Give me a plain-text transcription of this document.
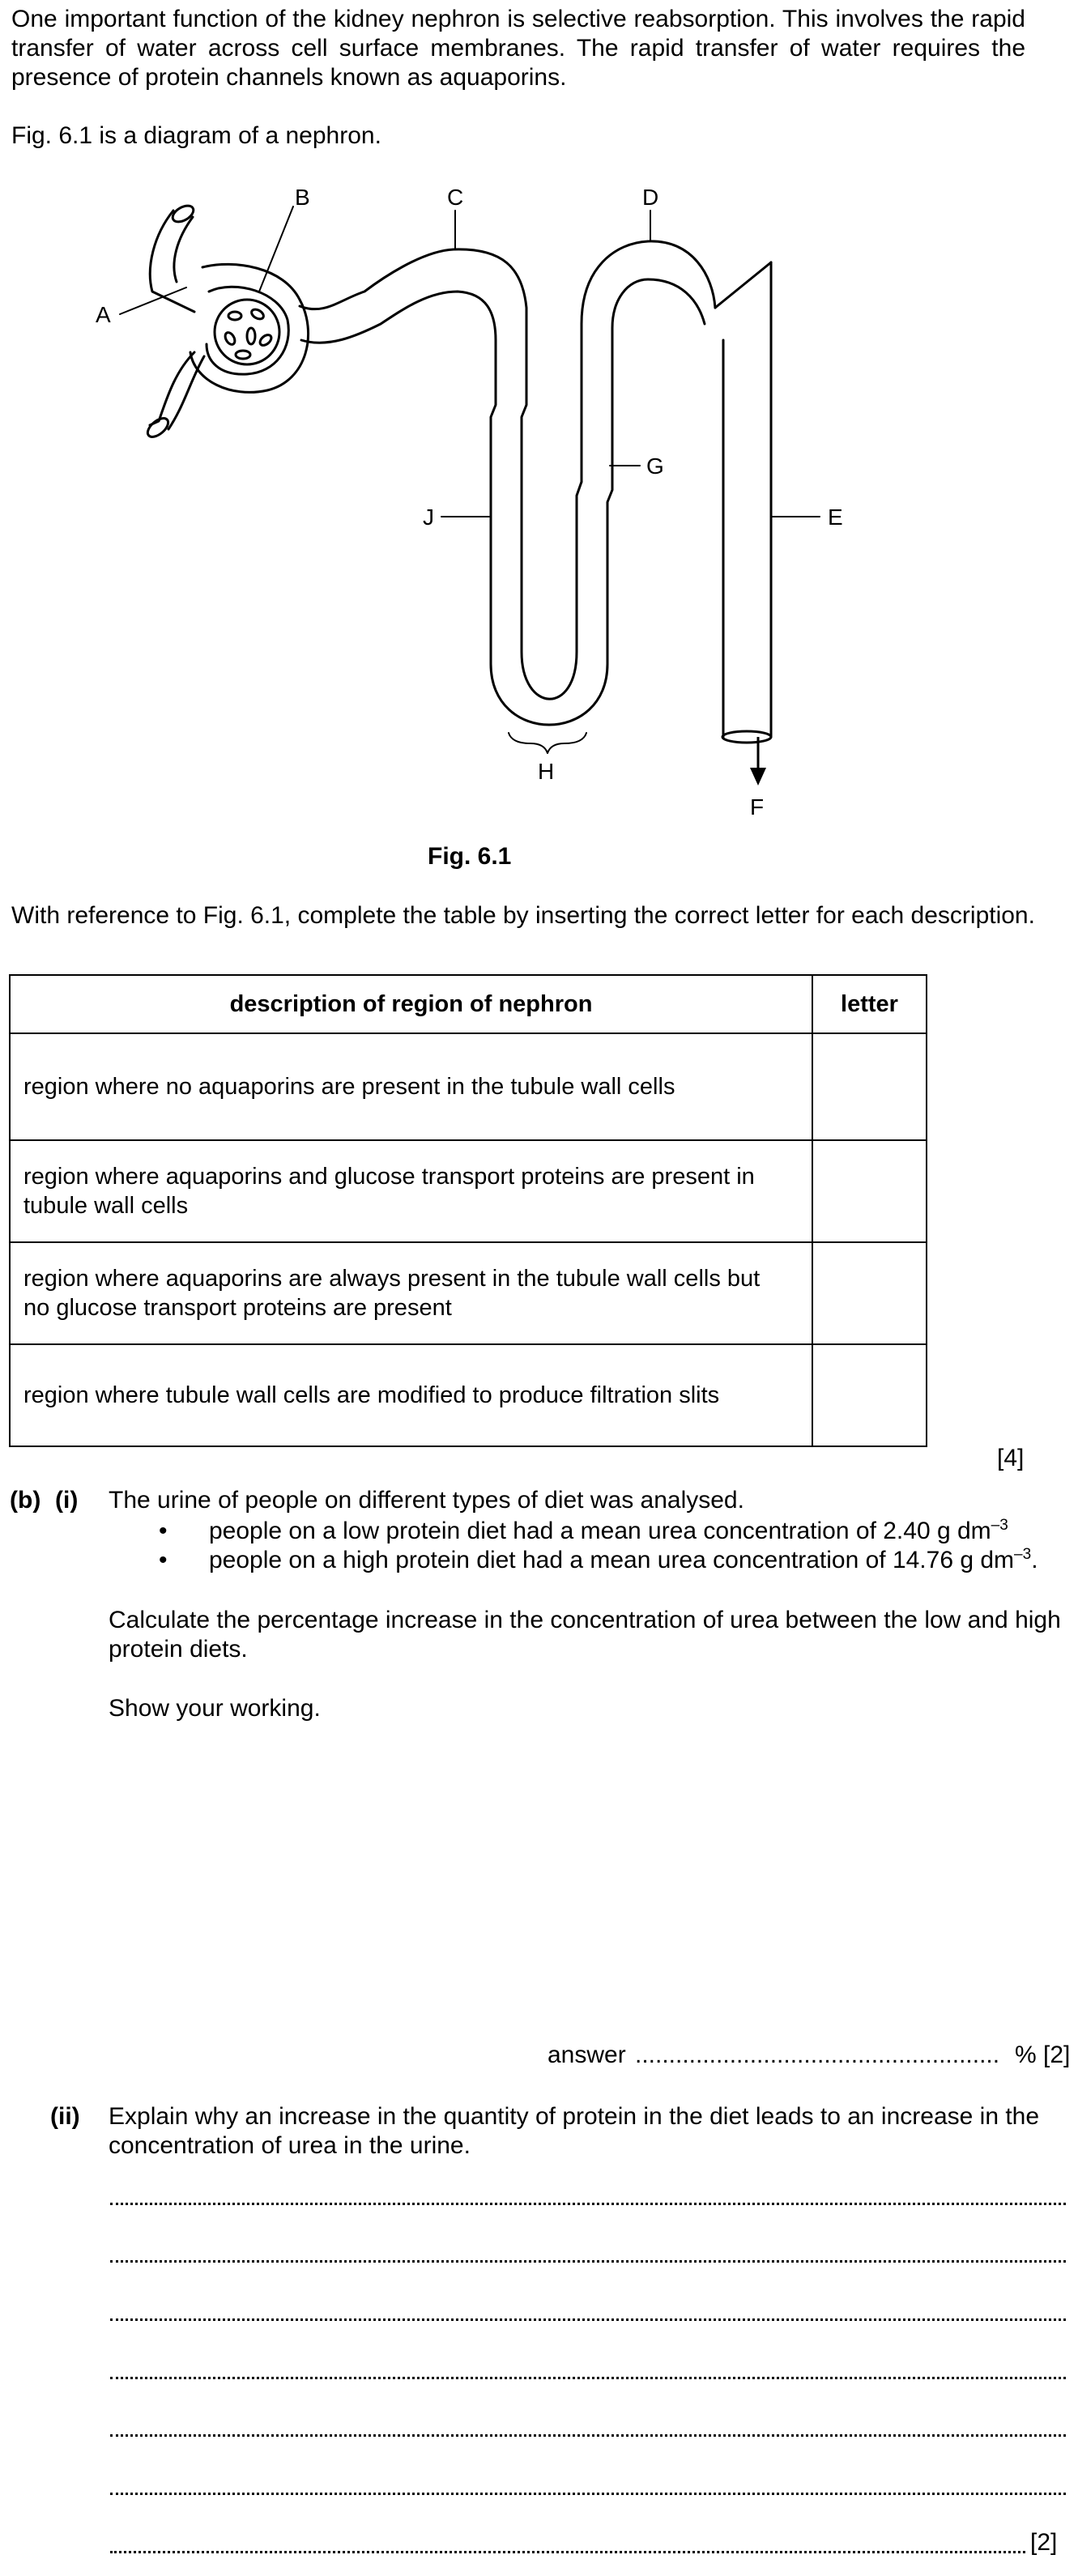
One important function of the kidney nephron is selective reabsorption. This involves the rapid transfer of water across cell surface membranes. The rapid transfer of water requires the presence of protein channels known as aquaporins.

Fig. 6.1 is a diagram of a nephron.

A
B	C	D
E
F
G
H
J
Fig. 6.1
With reference to Fig. 6.1, complete the table by inserting the correct letter for each description.
description of region of nephron	letter
region where no aquaporins are present in the tubule wall cells	
region where aquaporins and glucose transport proteins are present in
tubule wall cells	
region where aquaporins are always present in the tubule wall cells but
no glucose transport proteins are present	
region where tubule wall cells are modified to produce filtration slits	
[4]
(b) (i) The urine of people on different types of diet was analysed.
• people on a low protein diet had a mean urea concentration of 2.40 g $dm^{-3}$
• people on a high protein diet had a mean urea concentration of 14.76 g $dm^{-3}$.
Calculate the percentage increase in the concentration of urea between the low and high
protein diets.
Show your working.
answer ...................................................... % [2]
(ii) Explain why an increase in the quantity of protein in the diet leads to an increase in the
concentration of urea in the urine.
[2]
